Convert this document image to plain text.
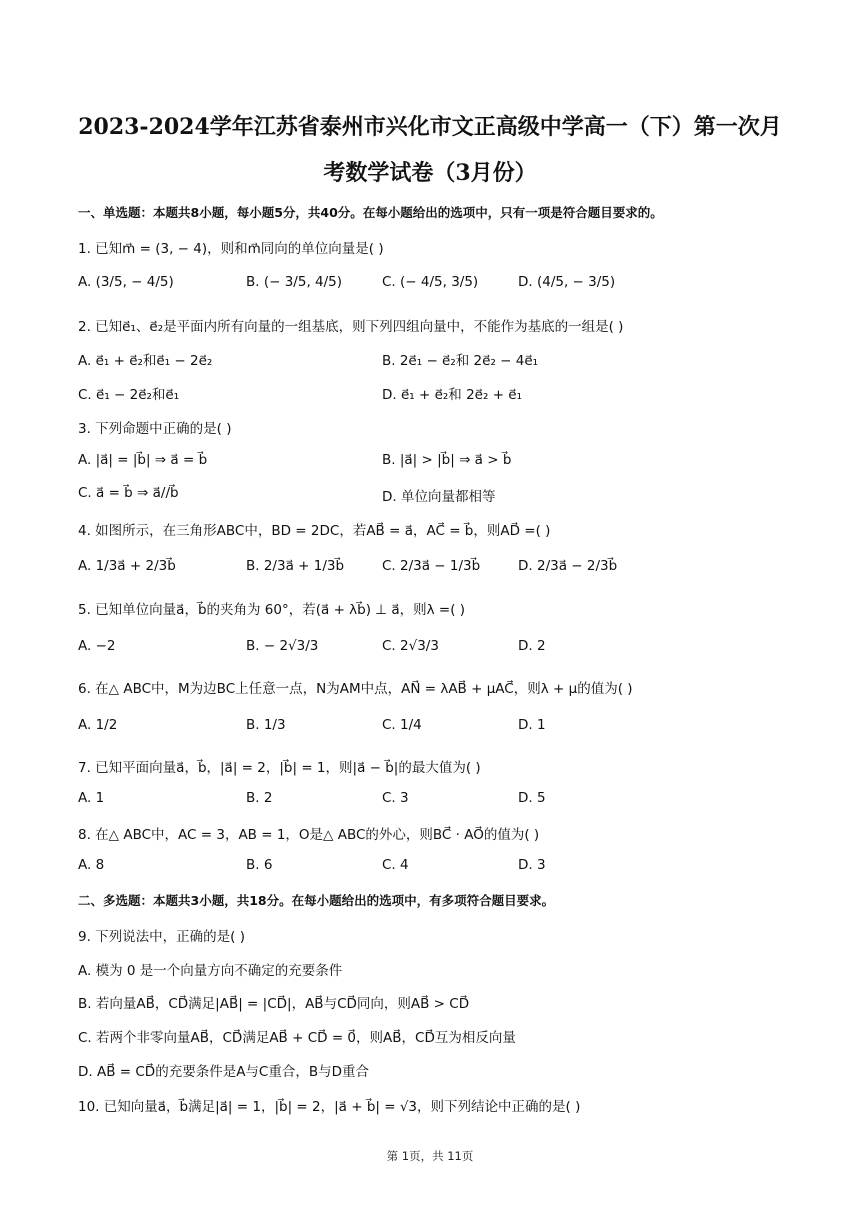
2023-2024学年江苏省泰州市兴化市文正高级中学高一（下）第一次月
考数学试卷（3月份）
一、单选题：本题共8小题，每小题5分，共40分。在每小题给出的选项中，只有一项是符合题目要求的。
1. 已知m⃗ = (3, − 4)，则和m⃗同向的单位向量是( )
A. (3/5, − 4/5)	B. (− 3/5, 4/5)	C. (− 4/5, 3/5)	D. (4/5, − 3/5)
2. 已知e⃗₁、e⃗₂是平面内所有向量的一组基底，则下列四组向量中，不能作为基底的一组是( )
A. e⃗₁ + e⃗₂和e⃗₁ − 2e⃗₂	B. 2e⃗₁ − e⃗₂和 2e⃗₂ − 4e⃗₁
C. e⃗₁ − 2e⃗₂和e⃗₁	D. e⃗₁ + e⃗₂和 2e⃗₂ + e⃗₁
3. 下列命题中正确的是( )
A. |a⃗| = |b⃗| ⇒ a⃗ = b⃗	B. |a⃗| > |b⃗| ⇒ a⃗ > b⃗
C. a⃗ = b⃗ ⇒ a⃗//b⃗	D. 单位向量都相等
4. 如图所示，在三角形ABC中，BD = 2DC，若AB⃗ = a⃗，AC⃗ = b⃗，则AD⃗ =( )
A. 1/3a⃗ + 2/3b⃗	B. 2/3a⃗ + 1/3b⃗	C. 2/3a⃗ − 1/3b⃗	D. 2/3a⃗ − 2/3b⃗
5. 已知单位向量a⃗，b⃗的夹角为 60°，若(a⃗ + λb⃗) ⊥ a⃗，则λ =( )
A. −2	B. − 2√3/3	C. 2√3/3	D. 2
6. 在△ ABC中，M为边BC上任意一点，N为AM中点，AN⃗ = λAB⃗ + μAC⃗，则λ + μ的值为( )
A. 1/2	B. 1/3	C. 1/4	D. 1
7. 已知平面向量a⃗，b⃗，|a⃗| = 2，|b⃗| = 1，则|a⃗ − b⃗|的最大值为( )
A. 1	B. 2	C. 3	D. 5
8. 在△ ABC中，AC = 3，AB = 1，O是△ ABC的外心，则BC⃗ · AO⃗的值为( )
A. 8	B. 6	C. 4	D. 3
二、多选题：本题共3小题，共18分。在每小题给出的选项中，有多项符合题目要求。
9. 下列说法中，正确的是( )
A. 模为 0 是一个向量方向不确定的充要条件
B. 若向量AB⃗，CD⃗满足|AB⃗| = |CD⃗|，AB⃗与CD⃗同向，则AB⃗ > CD⃗
C. 若两个非零向量AB⃗，CD⃗满足AB⃗ + CD⃗ = 0⃗，则AB⃗，CD⃗互为相反向量
D. AB⃗ = CD⃗的充要条件是A与C重合，B与D重合
10. 已知向量a⃗，b⃗满足|a⃗| = 1，|b⃗| = 2，|a⃗ + b⃗| = √3，则下列结论中正确的是( )
第 1页，共 11页
